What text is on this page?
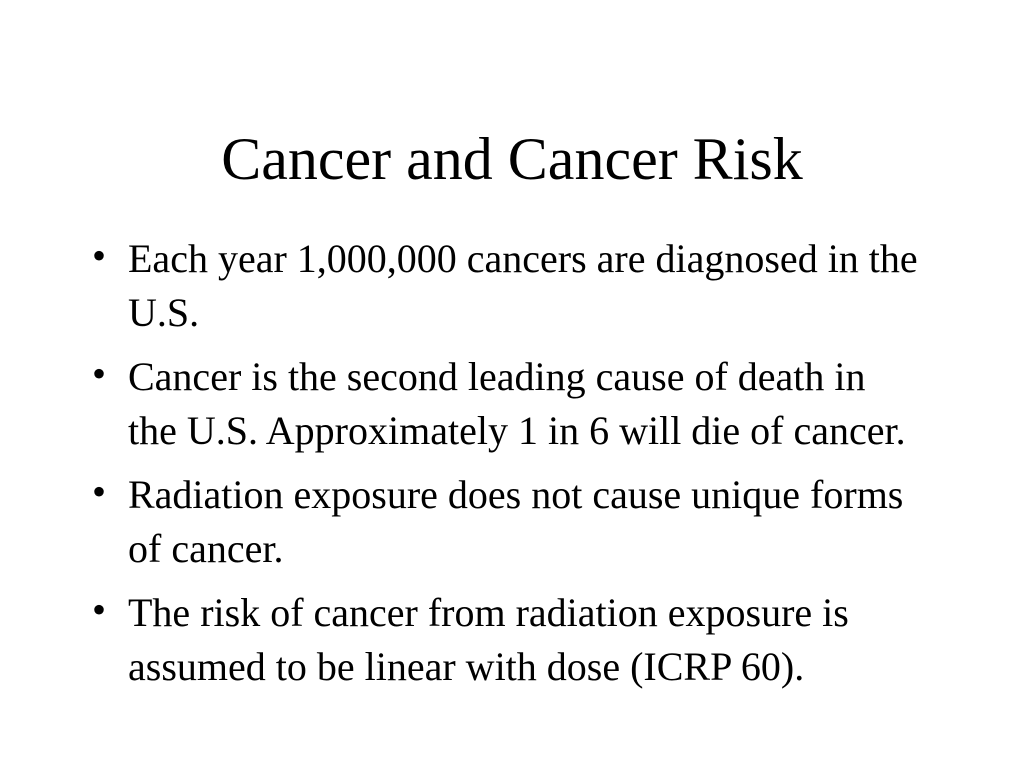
Cancer and Cancer Risk
• Each year 1,000,000 cancers are diagnosed in the U.S.
• Cancer is the second leading cause of death in the U.S. Approximately 1 in 6 will die of cancer.
• Radiation exposure does not cause unique forms of cancer.
• The risk of cancer from radiation exposure is assumed to be linear with dose (ICRP 60).
